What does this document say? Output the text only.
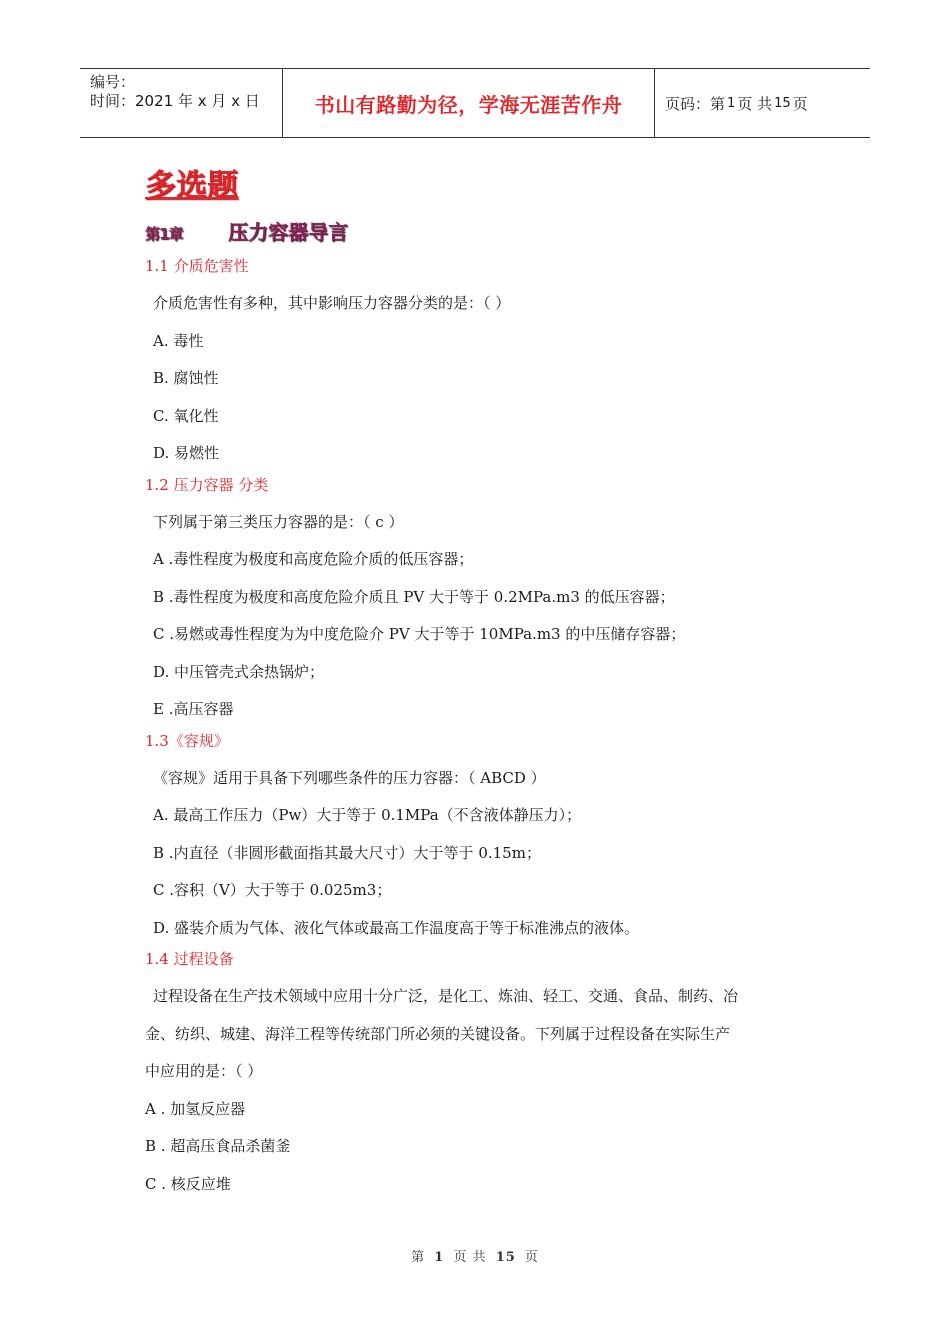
编号：
时间：2021 年 x 月 x 日	书山有路勤为径，学海无涯苦作舟	页码：第 1 页 共 15 页
多选题
第1章 压力容器导言
1.1 介质危害性
介质危害性有多种，其中影响压力容器分类的是：（ ）
A. 毒性
B. 腐蚀性
C. 氧化性
D. 易燃性
1.2 压力容器 分类
下列属于第三类压力容器的是：（ c ）
A .毒性程度为极度和高度危险介质的低压容器；
B .毒性程度为极度和高度危险介质且 PV 大于等于 0.2MPa.m3 的低压容器；
C .易燃或毒性程度为为中度危险介 PV 大于等于 10MPa.m3 的中压储存容器；
D. 中压管壳式余热锅炉；
E .高压容器
1.3《容规》
《容规》适用于具备下列哪些条件的压力容器：（ ABCD ）
A. 最高工作压力（Pw）大于等于 0.1MPa（不含液体静压力）；
B .内直径（非圆形截面指其最大尺寸）大于等于 0.15m；
C .容积（V）大于等于 0.025m3；
D. 盛装介质为气体、液化气体或最高工作温度高于等于标准沸点的液体。
1.4 过程设备
过程设备在生产技术领域中应用十分广泛，是化工、炼油、轻工、交通、食品、制药、冶
金、纺织、城建、海洋工程等传统部门所必须的关键设备。下列属于过程设备在实际生产
中应用的是：（ ）
A . 加氢反应器
B . 超高压食品杀菌釜
C . 核反应堆
第 1 页 共 15 页
